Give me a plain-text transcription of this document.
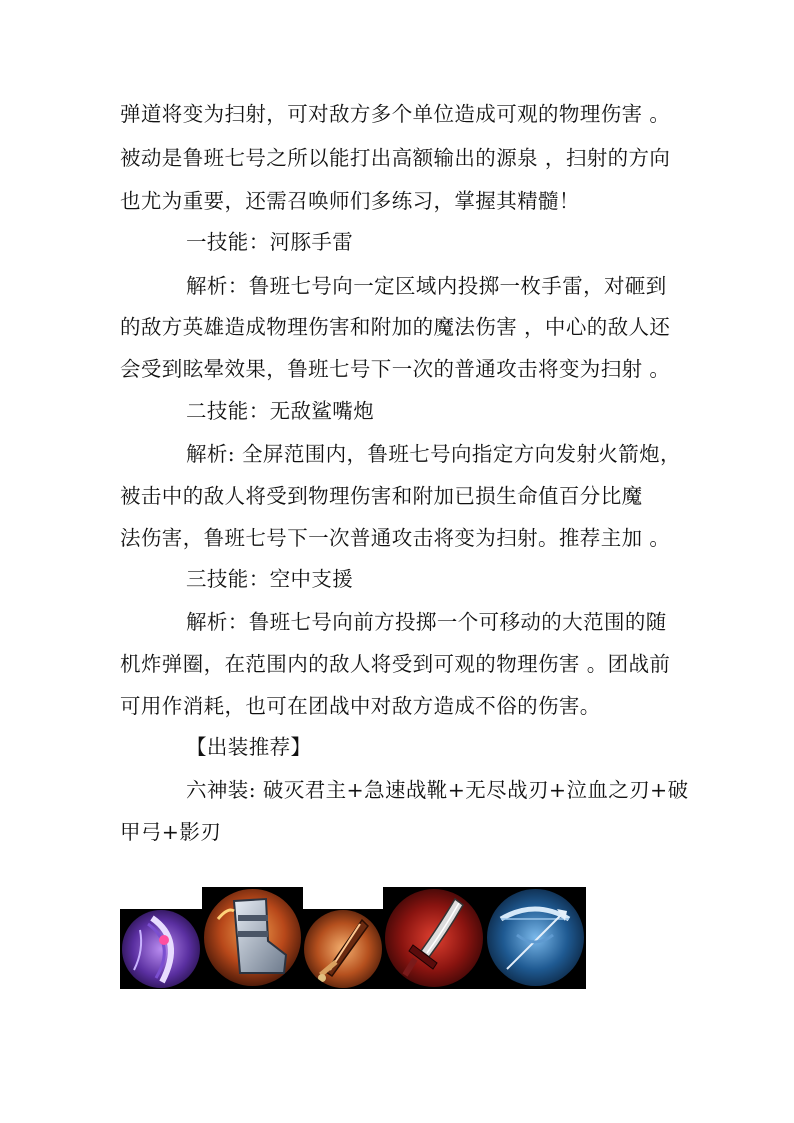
弹道将变为扫射，可对敌方多个单位造成可观的物理伤害 。
被动是鲁班七号之所以能打出高额输出的源泉 ，扫射的方向
也尤为重要，还需召唤师们多练习，掌握其精髓！
一技能：河豚手雷
解析：鲁班七号向一定区域内投掷一枚手雷，对砸到
的敌方英雄造成物理伤害和附加的魔法伤害 ，中心的敌人还
会受到眩晕效果，鲁班七号下一次的普通攻击将变为扫射 。
二技能：无敌鲨嘴炮
解析: 全屏范围内，鲁班七号向指定方向发射火箭炮，
被击中的敌人将受到物理伤害和附加已损生命值百分比魔
法伤害，鲁班七号下一次普通攻击将变为扫射。推荐主加 。
三技能：空中支援
解析：鲁班七号向前方投掷一个可移动的大范围的随
机炸弹圈，在范围内的敌人将受到可观的物理伤害 。团战前
可用作消耗，也可在团战中对敌方造成不俗的伤害。
【出装推荐】
六神装: 破灭君主+急速战靴+无尽战刃+泣血之刃+破
甲弓+影刃
